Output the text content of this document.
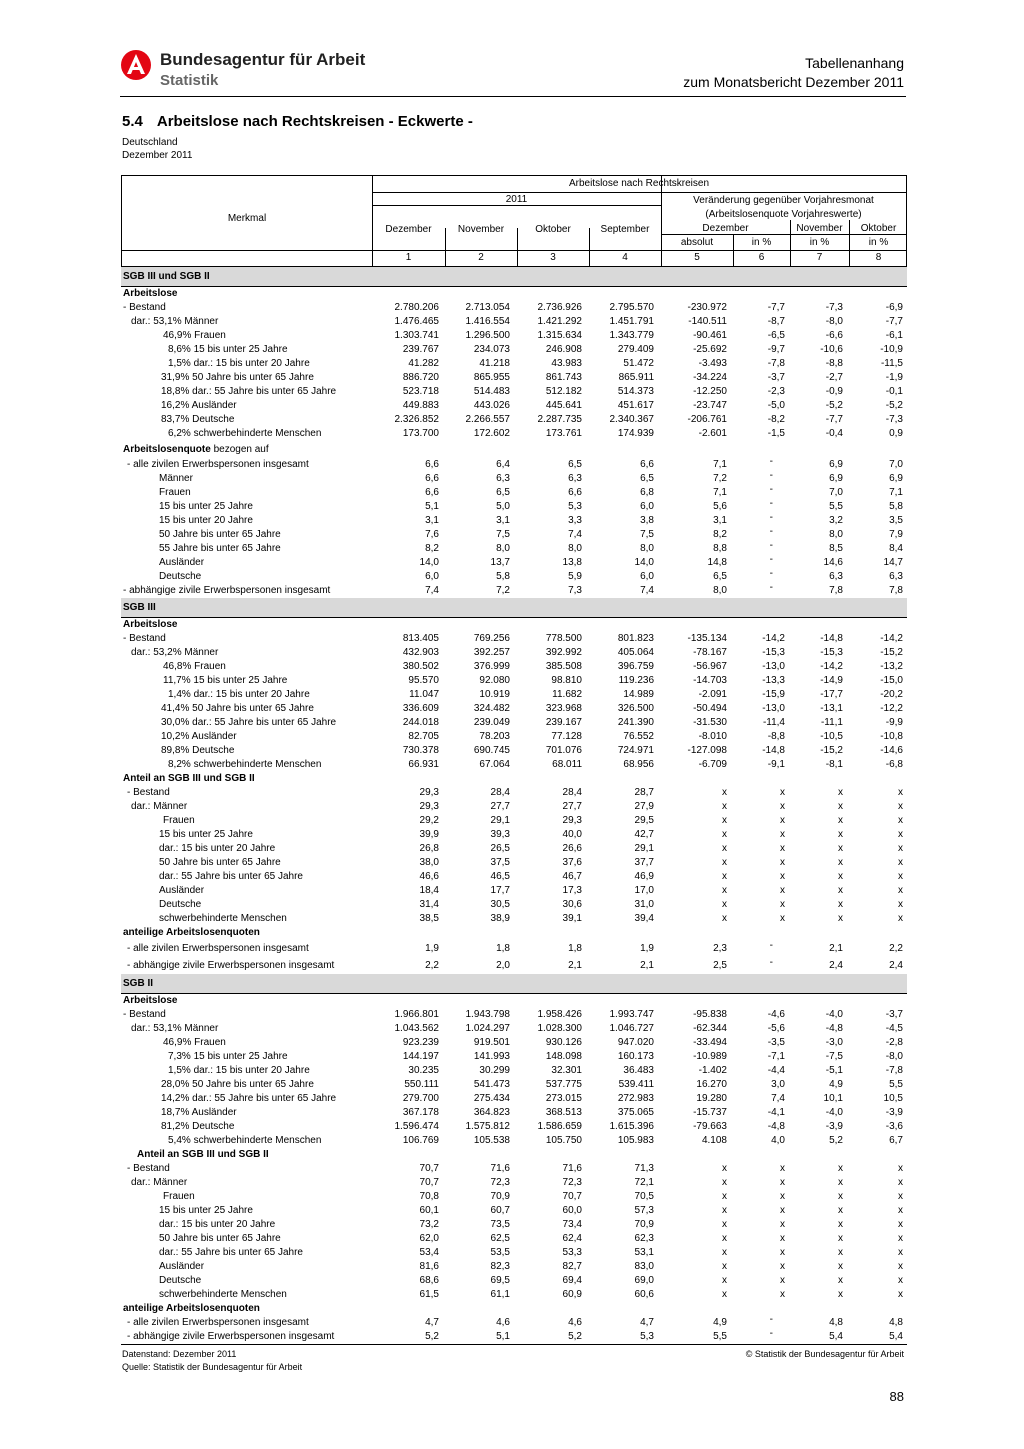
Bundesagentur für Arbeit
Statistik
Tabellenanhang
zum Monatsbericht Dezember 2011
5.4 Arbeitslose nach Rechtskreisen - Eckwerte -
Deutschland
Dezember 2011
Merkmal
Arbeitslose nach Rechtskreisen
2011	Veränderung gegenüber Vorjahresmonat
(Arbeitslosenquote Vorjahreswerte)
Dezember	November	Oktober	September	Dezember	November	Oktober
absolut	in %	in %	in %
1	2	3	4	5	6	7	8
SGB III und SGB II
Arbeitslose
- Bestand	2.780.206	2.713.054	2.736.926	2.795.570	-230.972	-7,7	-7,3	-6,9
dar.: 53,1% Männer	1.476.465	1.416.554	1.421.292	1.451.791	-140.511	-8,7	-8,0	-7,7
46,9% Frauen	1.303.741	1.296.500	1.315.634	1.343.779	-90.461	-6,5	-6,6	-6,1
8,6% 15 bis unter 25 Jahre	239.767	234.073	246.908	279.409	-25.692	-9,7	-10,6	-10,9
1,5% dar.: 15 bis unter 20 Jahre	41.282	41.218	43.983	51.472	-3.493	-7,8	-8,8	-11,5
31,9% 50 Jahre bis unter 65 Jahre	886.720	865.955	861.743	865.911	-34.224	-3,7	-2,7	-1,9
18,8% dar.: 55 Jahre bis unter 65 Jahre	523.718	514.483	512.182	514.373	-12.250	-2,3	-0,9	-0,1
16,2% Ausländer	449.883	443.026	445.641	451.617	-23.747	-5,0	-5,2	-5,2
83,7% Deutsche	2.326.852	2.266.557	2.287.735	2.340.367	-206.761	-8,2	-7,7	-7,3
6,2% schwerbehinderte Menschen	173.700	172.602	173.761	174.939	-2.601	-1,5	-0,4	0,9
Arbeitslosenquote bezogen auf
- alle zivilen Erwerbspersonen insgesamt	6,6	6,4	6,5	6,6	7,1	-	6,9	7,0
Männer	6,6	6,3	6,3	6,5	7,2	-	6,9	6,9
Frauen	6,6	6,5	6,6	6,8	7,1	-	7,0	7,1
15 bis unter 25 Jahre	5,1	5,0	5,3	6,0	5,6	-	5,5	5,8
15 bis unter 20 Jahre	3,1	3,1	3,3	3,8	3,1	-	3,2	3,5
50 Jahre bis unter 65 Jahre	7,6	7,5	7,4	7,5	8,2	-	8,0	7,9
55 Jahre bis unter 65 Jahre	8,2	8,0	8,0	8,0	8,8	-	8,5	8,4
Ausländer	14,0	13,7	13,8	14,0	14,8	-	14,6	14,7
Deutsche	6,0	5,8	5,9	6,0	6,5	-	6,3	6,3
- abhängige zivile Erwerbspersonen insgesamt	7,4	7,2	7,3	7,4	8,0	-	7,8	7,8
SGB III
Arbeitslose
- Bestand	813.405	769.256	778.500	801.823	-135.134	-14,2	-14,8	-14,2
dar.: 53,2% Männer	432.903	392.257	392.992	405.064	-78.167	-15,3	-15,3	-15,2
46,8% Frauen	380.502	376.999	385.508	396.759	-56.967	-13,0	-14,2	-13,2
11,7% 15 bis unter 25 Jahre	95.570	92.080	98.810	119.236	-14.703	-13,3	-14,9	-15,0
1,4% dar.: 15 bis unter 20 Jahre	11.047	10.919	11.682	14.989	-2.091	-15,9	-17,7	-20,2
41,4% 50 Jahre bis unter 65 Jahre	336.609	324.482	323.968	326.500	-50.494	-13,0	-13,1	-12,2
30,0% dar.: 55 Jahre bis unter 65 Jahre	244.018	239.049	239.167	241.390	-31.530	-11,4	-11,1	-9,9
10,2% Ausländer	82.705	78.203	77.128	76.552	-8.010	-8,8	-10,5	-10,8
89,8% Deutsche	730.378	690.745	701.076	724.971	-127.098	-14,8	-15,2	-14,6
8,2% schwerbehinderte Menschen	66.931	67.064	68.011	68.956	-6.709	-9,1	-8,1	-6,8
Anteil an SGB III und SGB II
- Bestand	29,3	28,4	28,4	28,7	x	x	x	x
dar.: Männer	29,3	27,7	27,7	27,9	x	x	x	x
Frauen	29,2	29,1	29,3	29,5	x	x	x	x
15 bis unter 25 Jahre	39,9	39,3	40,0	42,7	x	x	x	x
dar.: 15 bis unter 20 Jahre	26,8	26,5	26,6	29,1	x	x	x	x
50 Jahre bis unter 65 Jahre	38,0	37,5	37,6	37,7	x	x	x	x
dar.: 55 Jahre bis unter 65 Jahre	46,6	46,5	46,7	46,9	x	x	x	x
Ausländer	18,4	17,7	17,3	17,0	x	x	x	x
Deutsche	31,4	30,5	30,6	31,0	x	x	x	x
schwerbehinderte Menschen	38,5	38,9	39,1	39,4	x	x	x	x
anteilige Arbeitslosenquoten
- alle zivilen Erwerbspersonen insgesamt	1,9	1,8	1,8	1,9	2,3	-	2,1	2,2
- abhängige zivile Erwerbspersonen insgesamt	2,2	2,0	2,1	2,1	2,5	-	2,4	2,4
SGB II
Arbeitslose
- Bestand	1.966.801	1.943.798	1.958.426	1.993.747	-95.838	-4,6	-4,0	-3,7
dar.: 53,1% Männer	1.043.562	1.024.297	1.028.300	1.046.727	-62.344	-5,6	-4,8	-4,5
46,9% Frauen	923.239	919.501	930.126	947.020	-33.494	-3,5	-3,0	-2,8
7,3% 15 bis unter 25 Jahre	144.197	141.993	148.098	160.173	-10.989	-7,1	-7,5	-8,0
1,5% dar.: 15 bis unter 20 Jahre	30.235	30.299	32.301	36.483	-1.402	-4,4	-5,1	-7,8
28,0% 50 Jahre bis unter 65 Jahre	550.111	541.473	537.775	539.411	16.270	3,0	4,9	5,5
14,2% dar.: 55 Jahre bis unter 65 Jahre	279.700	275.434	273.015	272.983	19.280	7,4	10,1	10,5
18,7% Ausländer	367.178	364.823	368.513	375.065	-15.737	-4,1	-4,0	-3,9
81,2% Deutsche	1.596.474	1.575.812	1.586.659	1.615.396	-79.663	-4,8	-3,9	-3,6
5,4% schwerbehinderte Menschen	106.769	105.538	105.750	105.983	4.108	4,0	5,2	6,7
Anteil an SGB III und SGB II
- Bestand	70,7	71,6	71,6	71,3	x	x	x	x
dar.: Männer	70,7	72,3	72,3	72,1	x	x	x	x
Frauen	70,8	70,9	70,7	70,5	x	x	x	x
15 bis unter 25 Jahre	60,1	60,7	60,0	57,3	x	x	x	x
dar.: 15 bis unter 20 Jahre	73,2	73,5	73,4	70,9	x	x	x	x
50 Jahre bis unter 65 Jahre	62,0	62,5	62,4	62,3	x	x	x	x
dar.: 55 Jahre bis unter 65 Jahre	53,4	53,5	53,3	53,1	x	x	x	x
Ausländer	81,6	82,3	82,7	83,0	x	x	x	x
Deutsche	68,6	69,5	69,4	69,0	x	x	x	x
schwerbehinderte Menschen	61,5	61,1	60,9	60,6	x	x	x	x
anteilige Arbeitslosenquoten
- alle zivilen Erwerbspersonen insgesamt	4,7	4,6	4,6	4,7	4,9	-	4,8	4,8
- abhängige zivile Erwerbspersonen insgesamt	5,2	5,1	5,2	5,3	5,5	-	5,4	5,4
Datenstand: Dezember 2011
Quelle: Statistik der Bundesagentur für Arbeit
© Statistik der Bundesagentur für Arbeit
88
